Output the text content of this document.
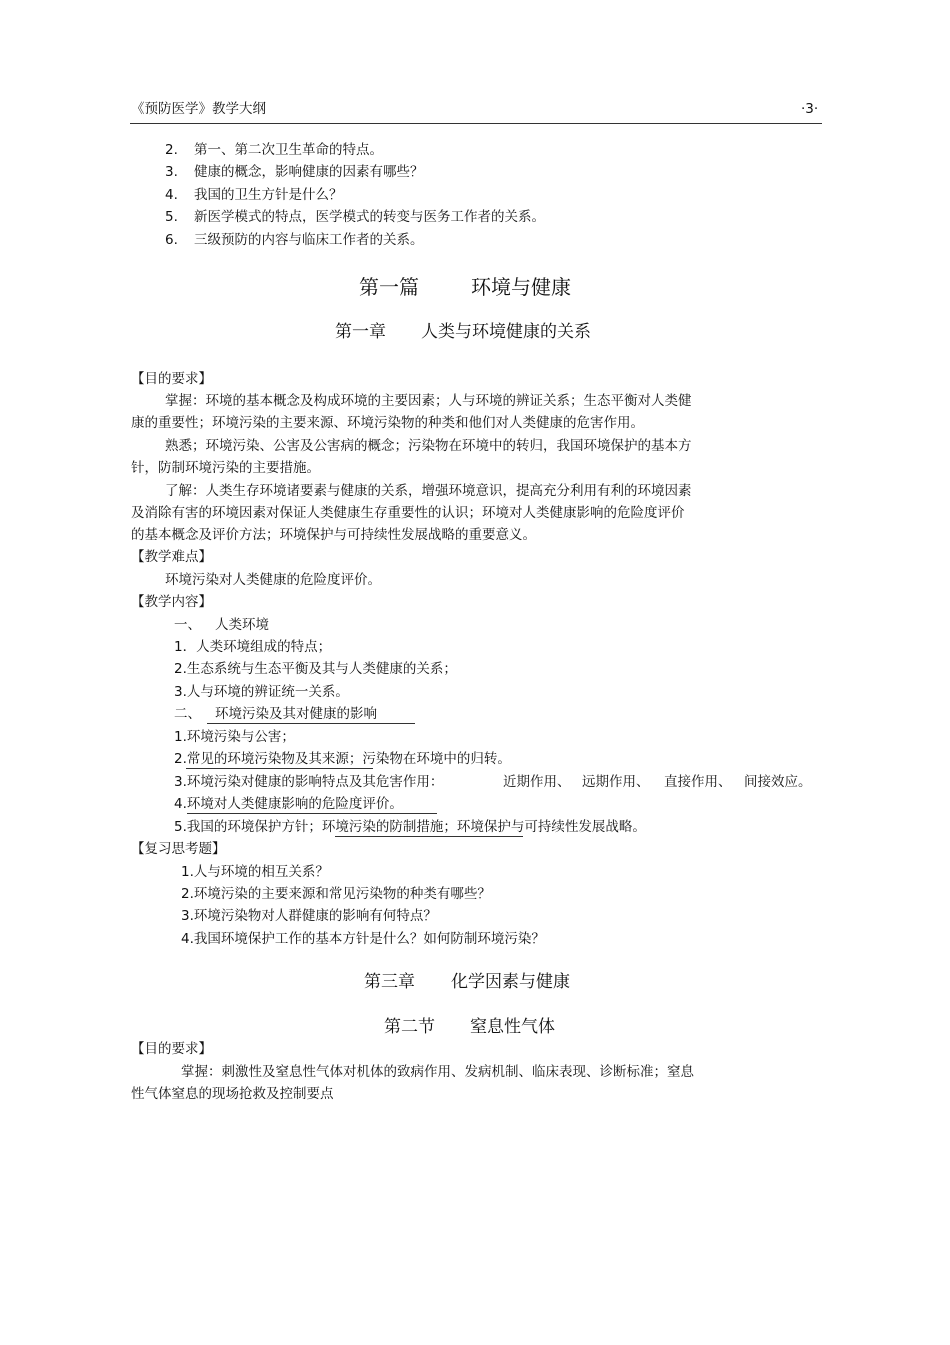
《预防医学》教学大纲	·3·
2. 第一、第二次卫生革命的特点。
3. 健康的概念，影响健康的因素有哪些？
4. 我国的卫生方针是什么？
5. 新医学模式的特点，医学模式的转变与医务工作者的关系。
6. 三级预防的内容与临床工作者的关系。
第一篇	环境与健康
第一章 人类与环境健康的关系
【目的要求】
掌握：环境的基本概念及构成环境的主要因素；人与环境的辨证关系；生态平衡对人类健
康的重要性；环境污染的主要来源、环境污染物的种类和他们对人类健康的危害作用。
熟悉；环境污染、公害及公害病的概念；污染物在环境中的转归，我国环境保护的基本方
针，防制环境污染的主要措施。
了解：人类生存环境诸要素与健康的关系，增强环境意识，提高充分利用有利的环境因素
及消除有害的环境因素对保证人类健康生存重要性的认识；环境对人类健康影响的危险度评价
的基本概念及评价方法；环境保护与可持续性发展战略的重要意义。
【教学难点】
环境污染对人类健康的危险度评价。
【教学内容】
一、 人类环境
1．人类环境组成的特点；
2.生态系统与生态平衡及其与人类健康的关系；
3.人与环境的辨证统一关系。
二、 环境污染及其对健康的影响
1.环境污染与公害；
2.常见的环境污染物及其来源；污染物在环境中的归转。
3.环境污染对健康的影响特点及其危害作用：	近期作用、 远期作用、 直接作用、 间接效应。
4.环境对人类健康影响的危险度评价。
5.我国的环境保护方针；环境污染的防制措施；环境保护与可持续性发展战略。
【复习思考题】
1.人与环境的相互关系？
2.环境污染的主要来源和常见污染物的种类有哪些？
3.环境污染物对人群健康的影响有何特点？
4.我国环境保护工作的基本方针是什么？如何防制环境污染？
第三章 化学因素与健康
第二节 窒息性气体
【目的要求】
掌握：刺激性及窒息性气体对机体的致病作用、发病机制、临床表现、诊断标准；窒息
性气体窒息的现场抢救及控制要点
